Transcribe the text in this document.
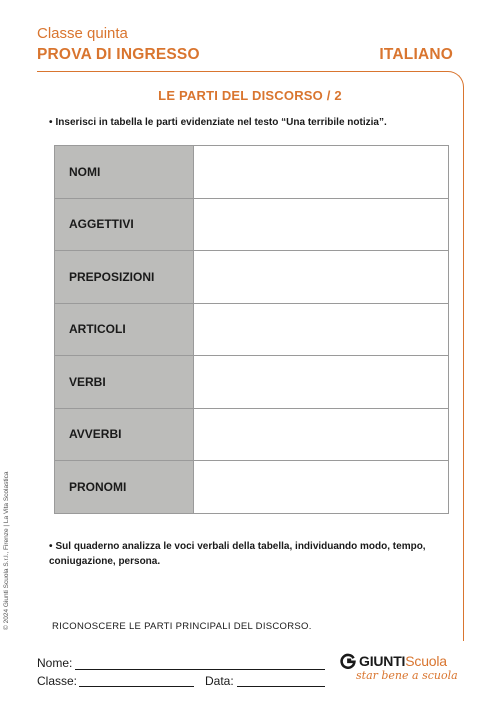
Classe quinta
PROVA DI INGRESSO	ITALIANO
LE PARTI DEL DISCORSO / 2
• Inserisci in tabella le parti evidenziate nel testo “Una terribile notizia”.
NOMI	
AGGETTIVI	
PREPOSIZIONI	
ARTICOLI	
VERBI	
AVVERBI	
PRONOMI	
• Sul quaderno analizza le voci verbali della tabella, individuando modo, tempo, coniugazione, persona.
RICONOSCERE LE PARTI PRINCIPALI DEL DISCORSO.
© 2024 Giunti Scuola S.r.l., Firenze | La Vita Scolastica
Nome:
Classe:	Data:
GIUNTIScuola
star bene a scuola
